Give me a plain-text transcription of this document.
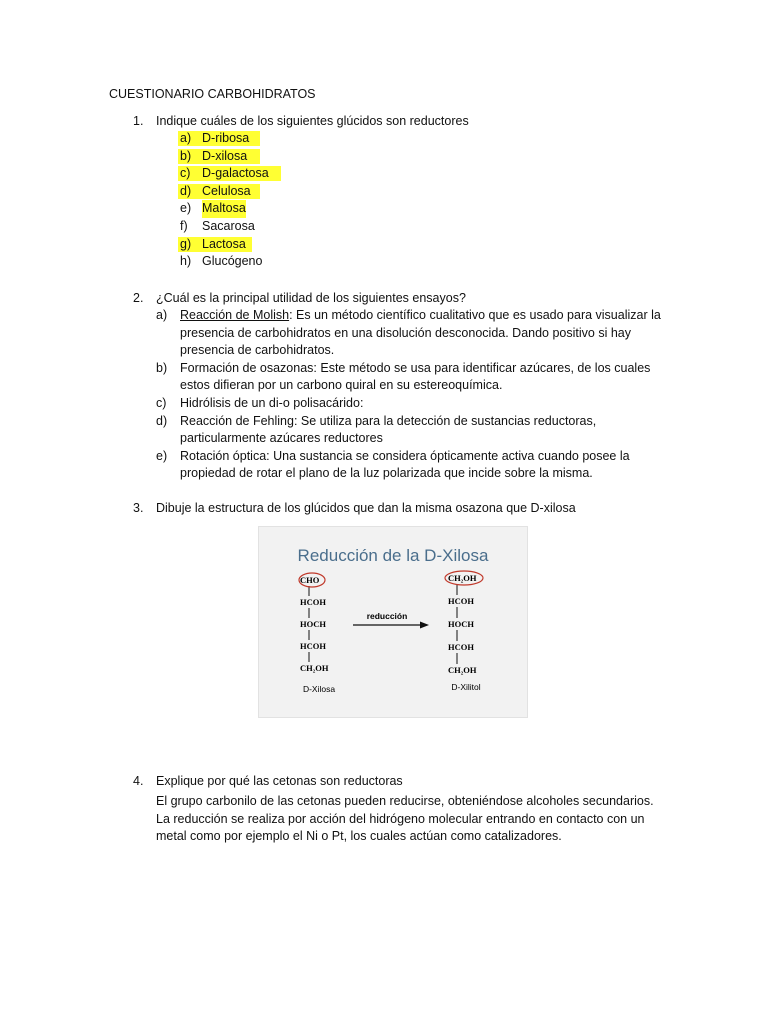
CUESTIONARIO CARBOHIDRATOS
1.	Indique cuáles de los siguientes glúcidos son reductores
a) D-ribosa
b) D-xilosa
c) D-galactosa
d) Celulosa
e) Maltosa
f) Sacarosa
g) Lactosa
h) Glucógeno
2.	¿Cuál es la principal utilidad de los siguientes ensayos?
a) Reacción de Molish: Es un método científico cualitativo que es usado para visualizar la presencia de carbohidratos en una disolución desconocida. Dando positivo si hay presencia de carbohidratos.
b) Formación de osazonas: Este método se usa para identificar azúcares, de los cuales estos difieran por un carbono quiral en su estereoquímica.
c) Hidrólisis de un di-o polisacárido:
d) Reacción de Fehling: Se utiliza para la detección de sustancias reductoras, particularmente azúcares reductores
e) Rotación óptica: Una sustancia se considera ópticamente activa cuando posee la propiedad de rotar el plano de la luz polarizada que incide sobre la misma.
3.	Dibuje la estructura de los glúcidos que dan la misma osazona que D-xilosa
Reducción de la D-Xilosa
CHO
HCOH
HOCH
HCOH
CH₂OH
CH₂OH
HCOH
HOCH
HCOH
CH₂OH
reducción
D-Xilosa	D-Xilitol
4.	Explique por qué las cetonas son reductoras
El grupo carbonilo de las cetonas pueden reducirse, obteniéndose alcoholes secundarios. La reducción se realiza por acción del hidrógeno molecular entrando en contacto con un metal como por ejemplo el Ni o Pt, los cuales actúan como catalizadores.
